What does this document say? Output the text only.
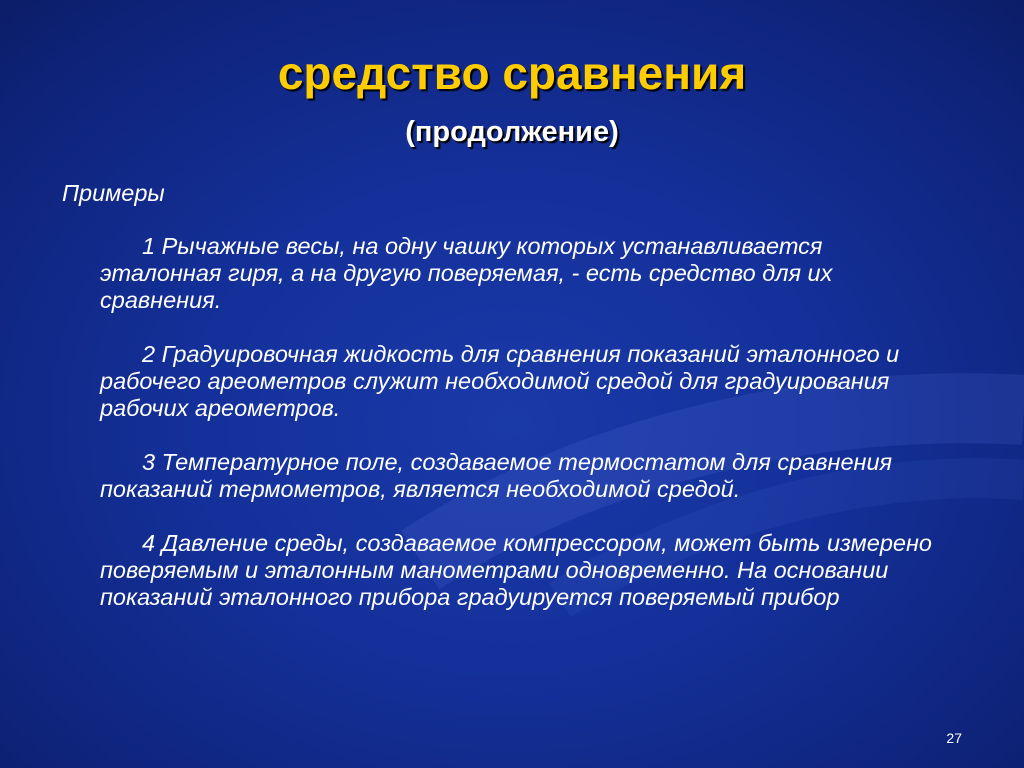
средство сравнения
(продолжение)

Примеры

1 Рычажные весы, на одну чашку которых устанавливается эталонная гиря, а на другую поверяемая, - есть средство для их сравнения.

2 Градуировочная жидкость для сравнения показаний эталонного и рабочего ареометров служит необходимой средой для градуирования рабочих ареометров.

3 Температурное поле, создаваемое термостатом для сравнения показаний термометров, является необходимой средой.

4 Давление среды, создаваемое компрессором, может быть измерено поверяемым и эталонным манометрами одновременно. На основании показаний эталонного прибора градуируется поверяемый прибор

27
